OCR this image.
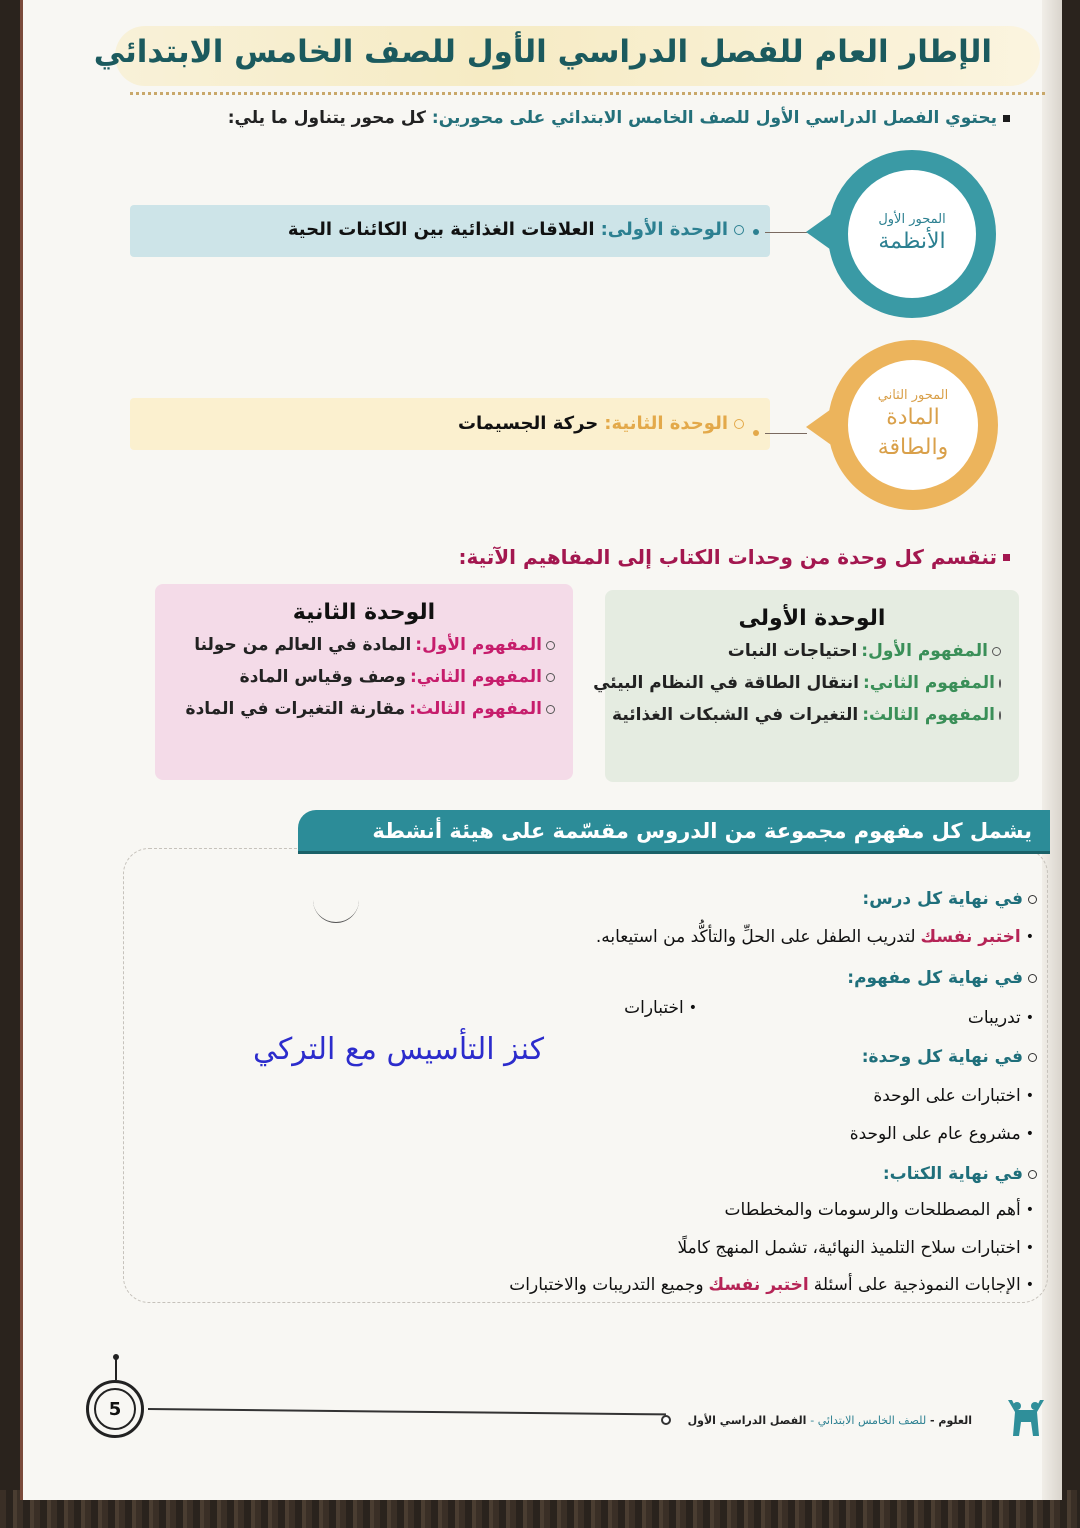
الإطار العام للفصل الدراسي الأول للصف الخامس الابتدائي
يحتوي الفصل الدراسي الأول للصف الخامس الابتدائي على محورين:
كل محور يتناول ما يلي:
الوحدة الأولى:
العلاقات الغذائية بين الكائنات الحية	المحور الأول
الأنظمة
الوحدة الثانية:
حركة الجسيمات
المحور الثاني
المادة
والطاقة
تنقسم كل وحدة من وحدات الكتاب إلى المفاهيم الآتية:
الوحدة الأولى
المفهوم الأول:
احتياجات النبات
المفهوم الثاني:
انتقال الطاقة في النظام البيئي
المفهوم الثالث:
التغيرات في الشبكات الغذائية
الوحدة الثانية
المفهوم الأول:
المادة في العالم من حولنا
المفهوم الثاني:
وصف وقياس المادة
المفهوم الثالث:
مقارنة التغيرات في المادة
يشمل كل مفهوم مجموعة من الدروس مقسّمة على هيئة أنشطة
في نهاية كل درس:
•
اختبر نفسك
لتدريب الطفل على الحلِّ والتأكُّد من استيعابه.
في نهاية كل مفهوم:
•
تدريبات
•
اختبارات
كنز التأسيس مع التركي	في نهاية كل وحدة:
•
اختبارات على الوحدة
•
مشروع عام على الوحدة
في نهاية الكتاب:
•
أهم المصطلحات والرسومات والمخططات
•
اختبارات سلاح التلميذ النهائية، تشمل المنهج كاملًا
•
الإجابات النموذجية على أسئلة
اختبر نفسك
وجميع التدريبات والاختبارات
5
العلوم - للصف الخامس الابتدائي - الفصل الدراسي الأول
